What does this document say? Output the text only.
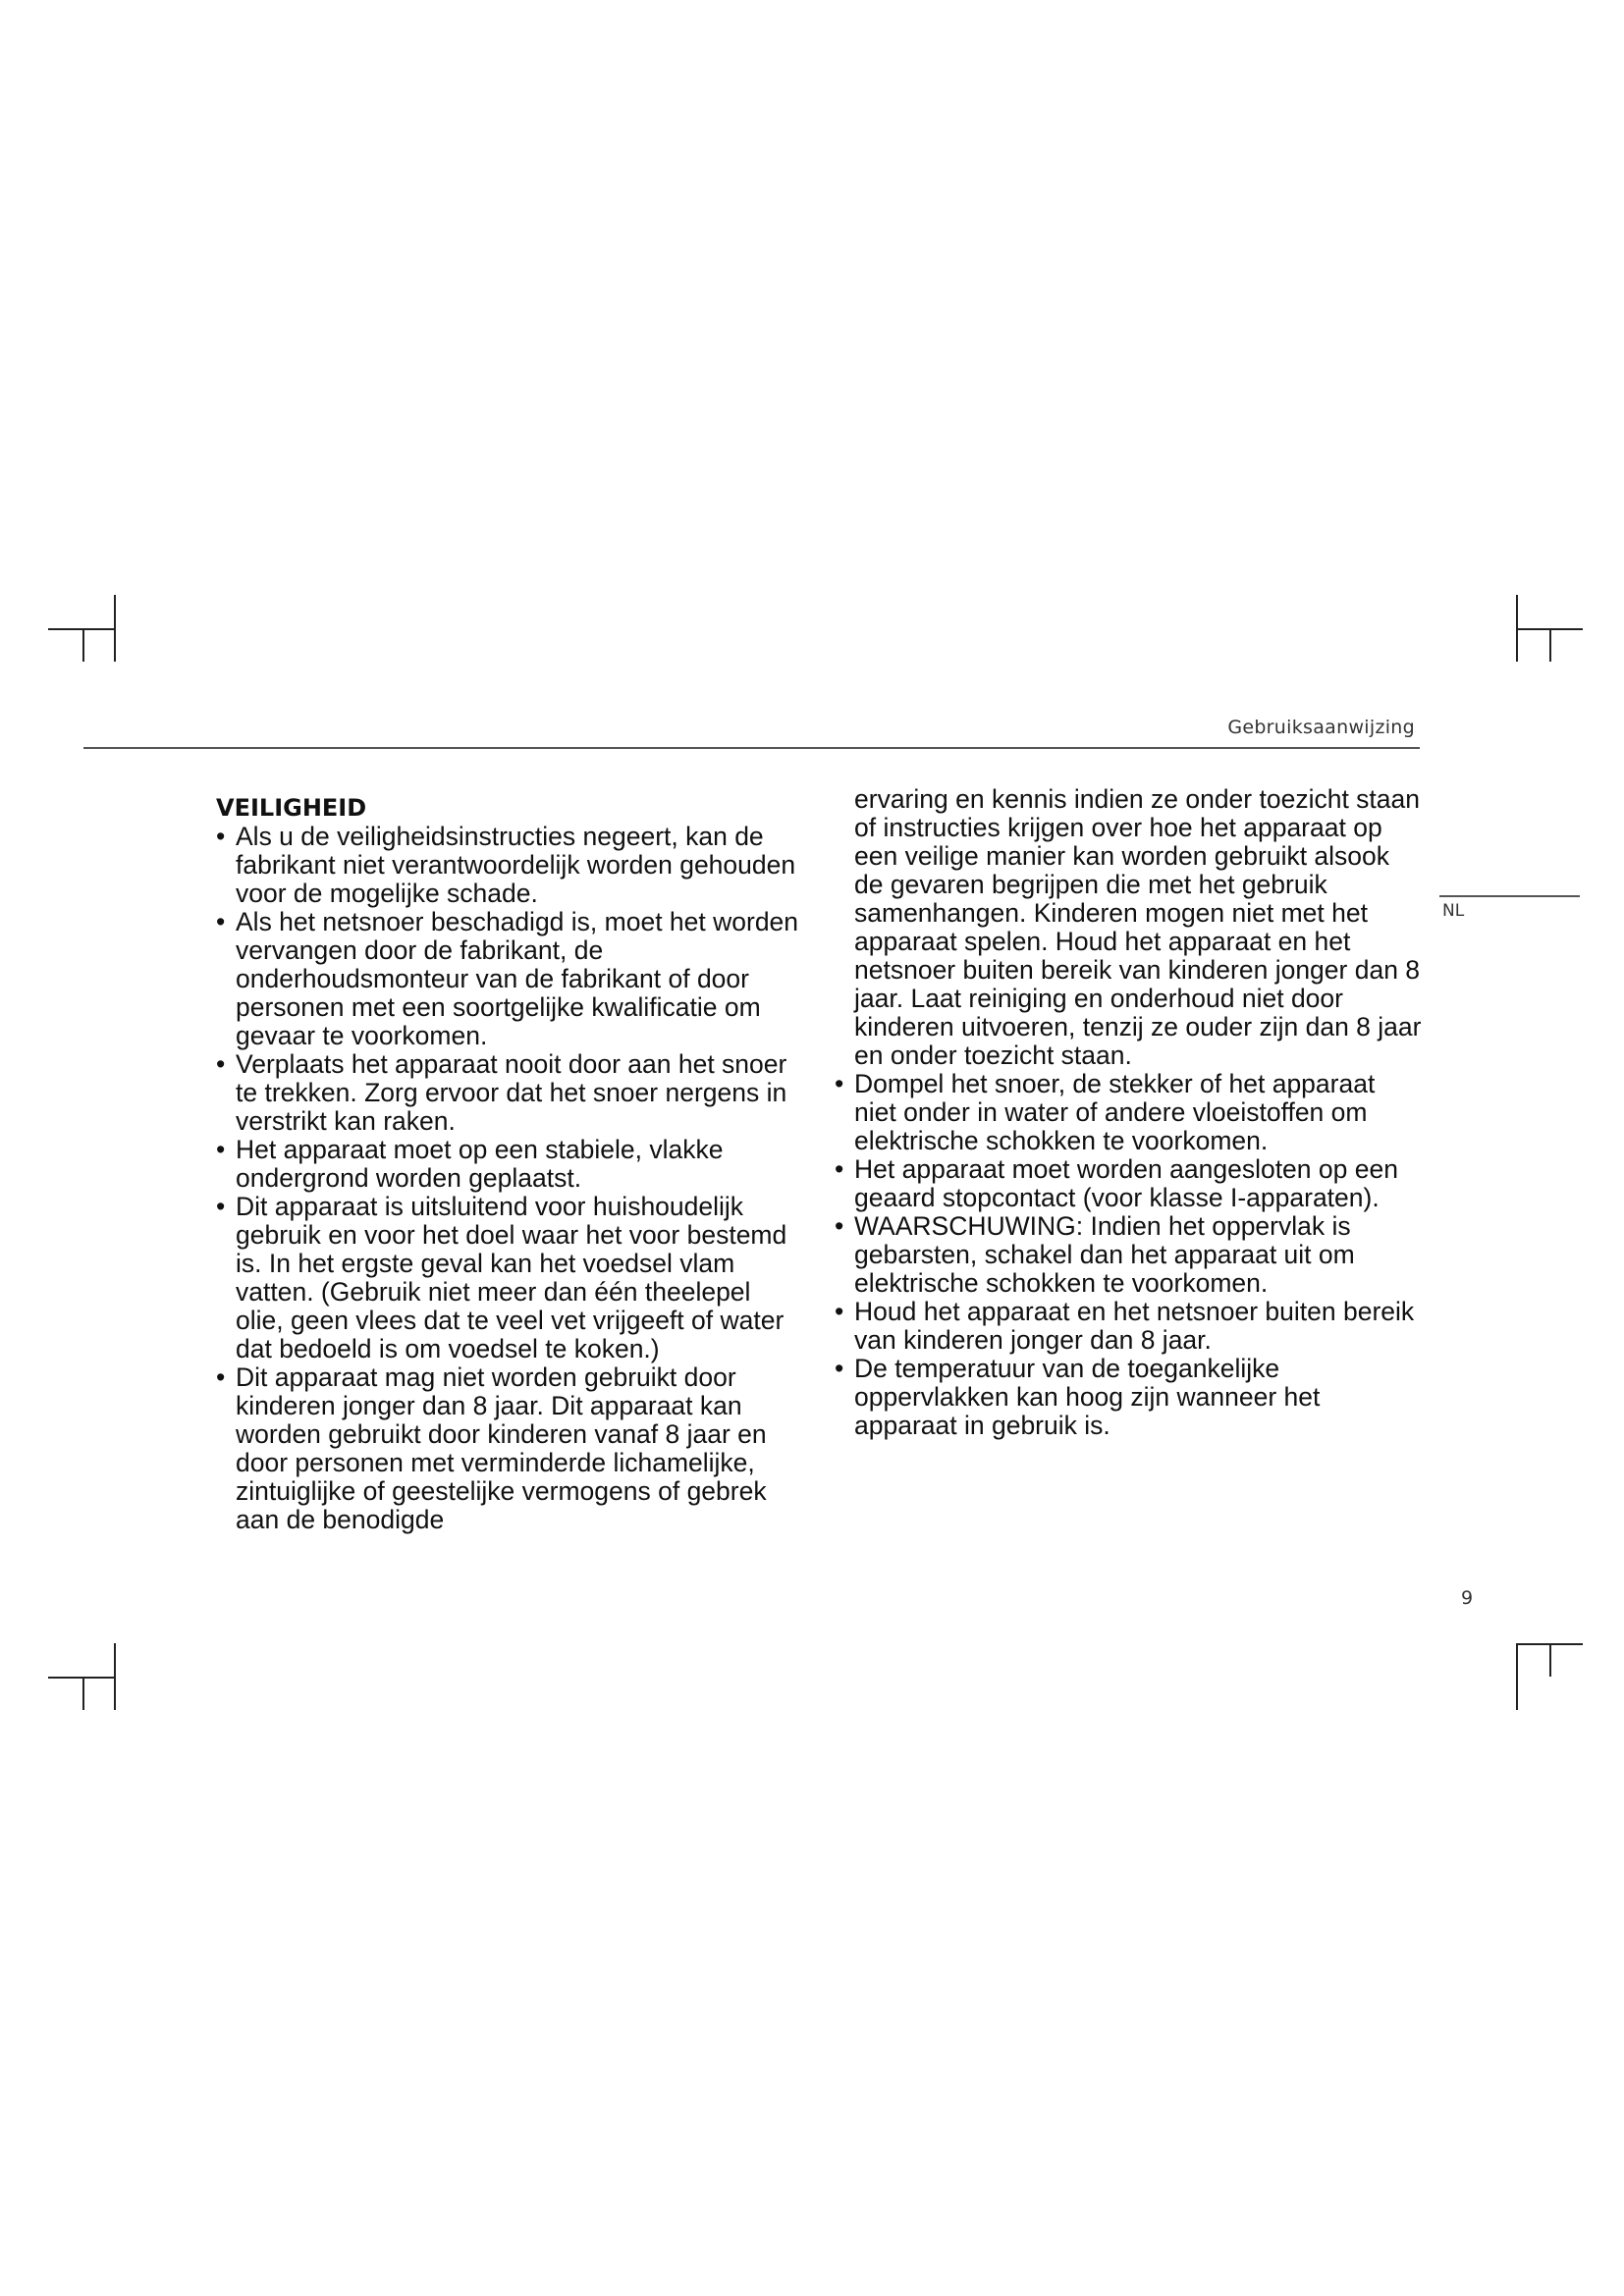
Gebruiksaanwijzing
NL
VEILIGHEID
• Als u de veiligheidsinstructies negeert, kan de fabrikant niet verantwoordelijk worden gehouden voor de mogelijke schade.
• Als het netsnoer beschadigd is, moet het worden vervangen door de fabrikant, de onderhoudsmonteur van de fabrikant of door personen met een soortgelijke kwalificatie om gevaar te voorkomen.
• Verplaats het apparaat nooit door aan het snoer te trekken. Zorg ervoor dat het snoer nergens in verstrikt kan raken.
• Het apparaat moet op een stabiele, vlakke ondergrond worden geplaatst.
• Dit apparaat is uitsluitend voor huishoudelijk gebruik en voor het doel waar het voor bestemd is. In het ergste geval kan het voedsel vlam vatten. (Gebruik niet meer dan één theelepel olie, geen vlees dat te veel vet vrijgeeft of water dat bedoeld is om voedsel te koken.)
• Dit apparaat mag niet worden gebruikt door kinderen jonger dan 8 jaar. Dit apparaat kan worden gebruikt door kinderen vanaf 8 jaar en door personen met verminderde lichamelijke, zintuiglijke of geestelijke vermogens of gebrek aan de benodigde
ervaring en kennis indien ze onder toezicht staan of instructies krijgen over hoe het apparaat op een veilige manier kan worden gebruikt alsook de gevaren begrijpen die met het gebruik samenhangen. Kinderen mogen niet met het apparaat spelen. Houd het apparaat en het netsnoer buiten bereik van kinderen jonger dan 8 jaar. Laat reiniging en onderhoud niet door kinderen uitvoeren, tenzij ze ouder zijn dan 8 jaar en onder toezicht staan.
• Dompel het snoer, de stekker of het apparaat niet onder in water of andere vloeistoffen om elektrische schokken te voorkomen.
• Het apparaat moet worden aangesloten op een geaard stopcontact (voor klasse I-apparaten).
• WAARSCHUWING: Indien het oppervlak is gebarsten, schakel dan het apparaat uit om elektrische schokken te voorkomen.
• Houd het apparaat en het netsnoer buiten bereik van kinderen jonger dan 8 jaar.
• De temperatuur van de toegankelijke oppervlakken kan hoog zijn wanneer het apparaat in gebruik is.
9
